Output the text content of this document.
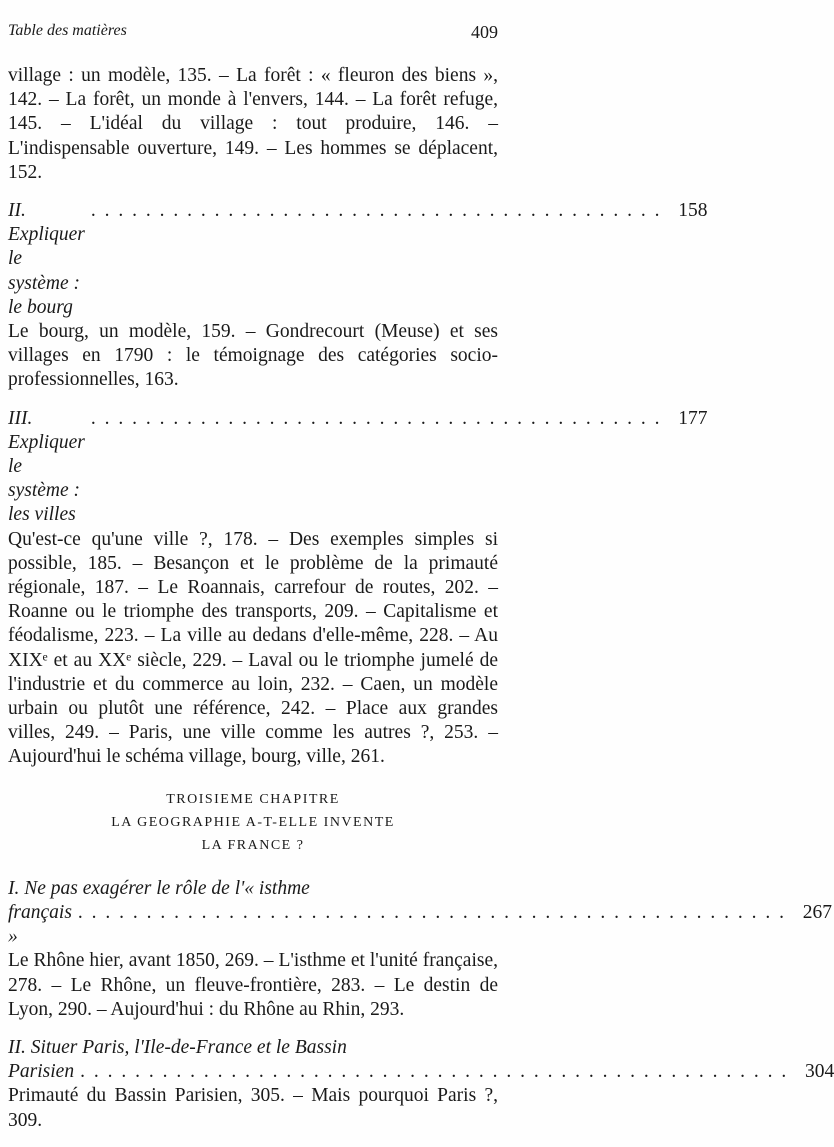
Table des matières	409

village : un modèle, 135. – La forêt : « fleuron des biens », 142. – La forêt, un monde à l'envers, 144. – La forêt refuge, 145. – L'idéal du village : tout produire, 146. – L'indispensable ouverture, 149. – Les hommes se déplacent, 152.

II. Expliquer le système : le bourg
. . . . . . . . . . . . . . . . . . . . . . . . . . . . . . . . . . . . . . . . . . 158
Le bourg, un modèle, 159. – Gondrecourt (Meuse) et ses villages en 1790 : le témoignage des catégories socio-professionnelles, 163.
III. Expliquer le système : les villes
. . . . . . . . . . . . . . . . . . . . . . . . . . . . . . . . . . . . . . . . . . 177
Qu'est-ce qu'une ville ?, 178. – Des exemples simples si possible, 185. – Besançon et le problème de la primauté régionale, 187. – Le Roannais, carrefour de routes, 202. –Roanne ou le triomphe des transports, 209. – Capitalisme et féodalisme, 223. – La ville au dedans d'elle-même, 228. – Au XIXᵉ et au XXᵉ siècle, 229. – Laval ou le triomphe jumelé de l'industrie et du commerce au loin, 232. – Caen, un modèle urbain ou plutôt une référence, 242. – Place aux grandes villes, 249. – Paris, une ville comme les autres ?, 253. – Aujourd'hui le schéma village, bourg, ville, 261.
TROISIEME CHAPITRE
LA GEOGRAPHIE A-T-ELLE INVENTE
LA FRANCE ?
I. Ne pas exagérer le rôle de l'« isthme
français »
. . . . . . . . . . . . . . . . . . . . . . . . . . . . . . . . . . . . . . . . . . . . . . . . . . . . 267
Le Rhône hier, avant 1850, 269. – L'isthme et l'unité française, 278. – Le Rhône, un fleuve-frontière, 283. – Le destin de Lyon, 290. – Aujourd'hui : du Rhône au Rhin, 293.
II. Situer Paris, l'Ile-de-France et le Bassin
Parisien . . . . . . . . . . . . . . . . . . . . . . . . . . . . . . . . . . . . . . . . . . . . . . . . . . . . 304
Primauté du Bassin Parisien, 305. – Mais pourquoi Paris ?, 309.
